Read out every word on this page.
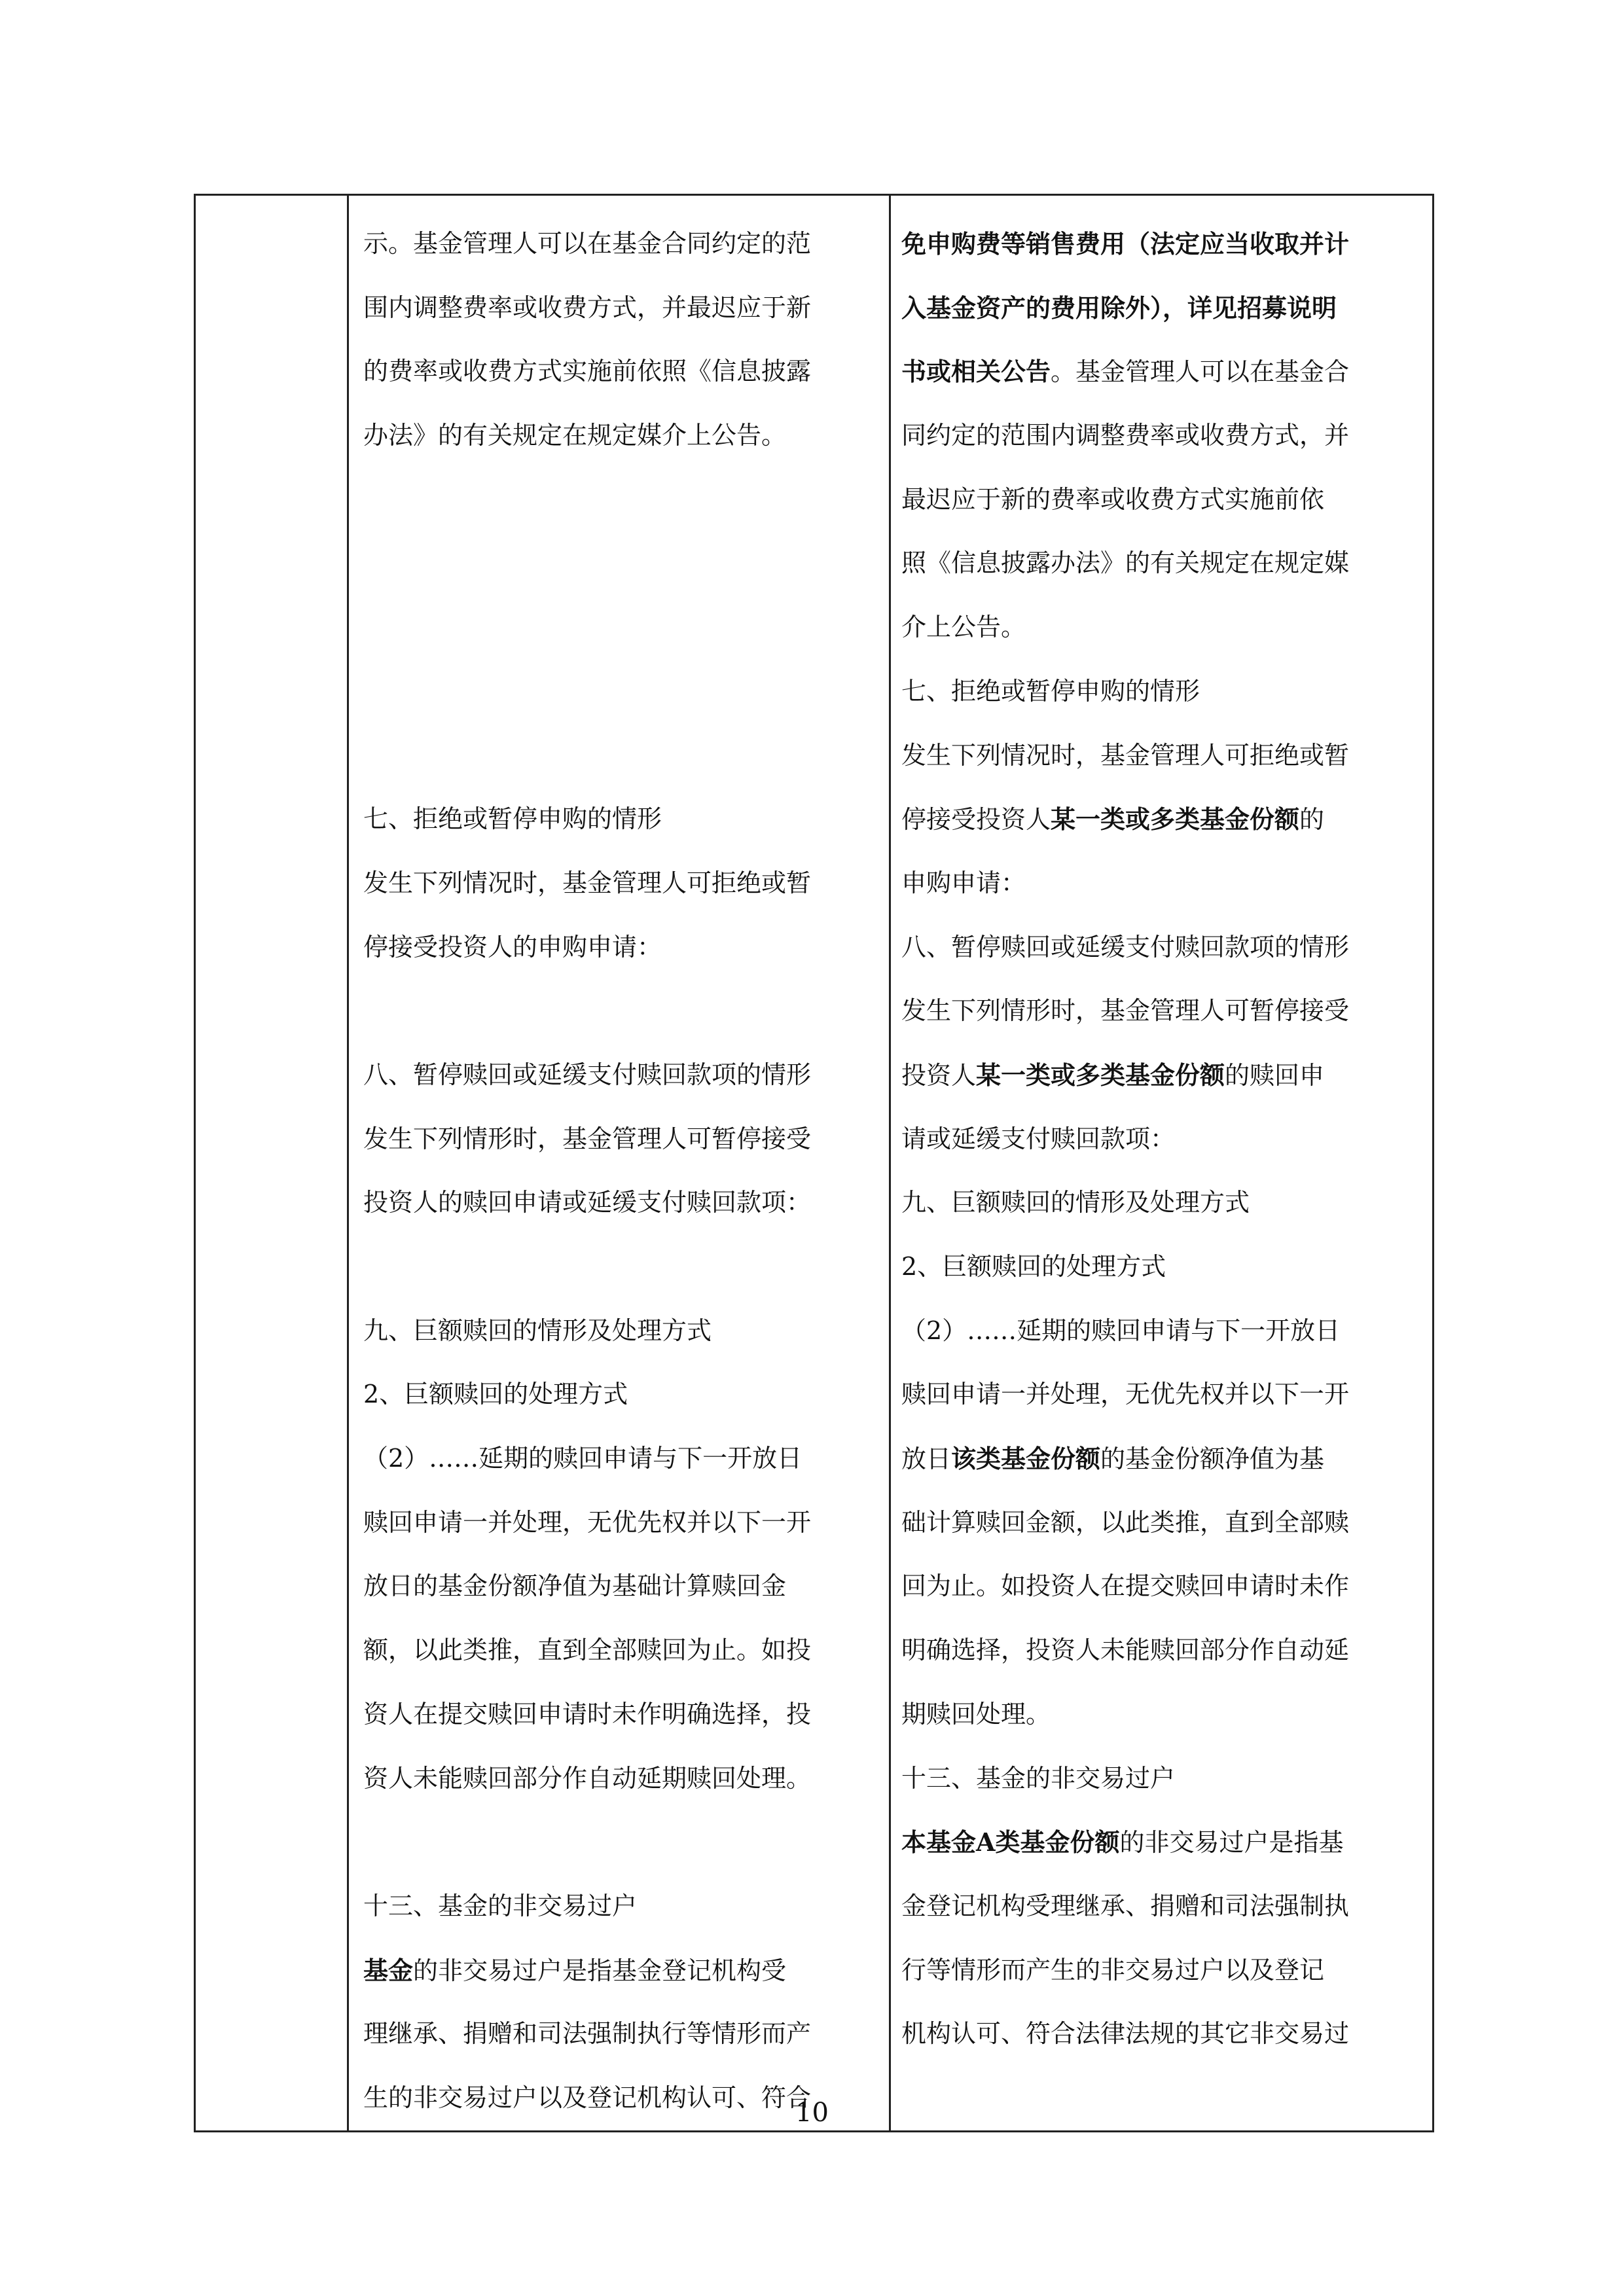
示。基金管理人可以在基金合同约定的范
围内调整费率或收费方式，并最迟应于新
的费率或收费方式实施前依照《信息披露
办法》的有关规定在规定媒介上公告。
七、拒绝或暂停申购的情形
发生下列情况时，基金管理人可拒绝或暂
停接受投资人的申购申请：
八、暂停赎回或延缓支付赎回款项的情形
发生下列情形时，基金管理人可暂停接受
投资人的赎回申请或延缓支付赎回款项：
九、巨额赎回的情形及处理方式
2、巨额赎回的处理方式
（2）……延期的赎回申请与下一开放日
赎回申请一并处理，无优先权并以下一开
放日的基金份额净值为基础计算赎回金
额，以此类推，直到全部赎回为止。如投
资人在提交赎回申请时未作明确选择，投
资人未能赎回部分作自动延期赎回处理。
十三、基金的非交易过户
基金的非交易过户是指基金登记机构受
理继承、捐赠和司法强制执行等情形而产
生的非交易过户以及登记机构认可、符合

免申购费等销售费用（法定应当收取并计
入基金资产的费用除外），详见招募说明
书或相关公告。基金管理人可以在基金合
同约定的范围内调整费率或收费方式，并
最迟应于新的费率或收费方式实施前依
照《信息披露办法》的有关规定在规定媒
介上公告。
七、拒绝或暂停申购的情形
发生下列情况时，基金管理人可拒绝或暂
停接受投资人某一类或多类基金份额的
申购申请：
八、暂停赎回或延缓支付赎回款项的情形
发生下列情形时，基金管理人可暂停接受
投资人某一类或多类基金份额的赎回申
请或延缓支付赎回款项：
九、巨额赎回的情形及处理方式
2、巨额赎回的处理方式
（2）……延期的赎回申请与下一开放日
赎回申请一并处理，无优先权并以下一开
放日该类基金份额的基金份额净值为基
础计算赎回金额，以此类推，直到全部赎
回为止。如投资人在提交赎回申请时未作
明确选择，投资人未能赎回部分作自动延
期赎回处理。
十三、基金的非交易过户
本基金A类基金份额的非交易过户是指基
金登记机构受理继承、捐赠和司法强制执
行等情形而产生的非交易过户以及登记
机构认可、符合法律法规的其它非交易过
10
